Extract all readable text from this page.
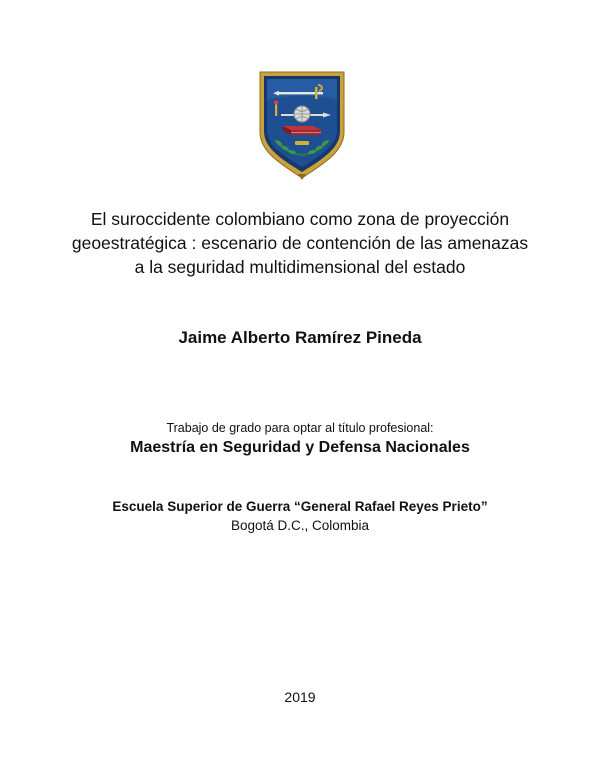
El suroccidente colombiano como zona de proyección geoestratégica : escenario de contención de las amenazas a la seguridad multidimensional del estado
Jaime Alberto Ramírez Pineda
Trabajo de grado para optar al título profesional:
Maestría en Seguridad y Defensa Nacionales
Escuela Superior de Guerra “General Rafael Reyes Prieto”
Bogotá D.C., Colombia
2019
